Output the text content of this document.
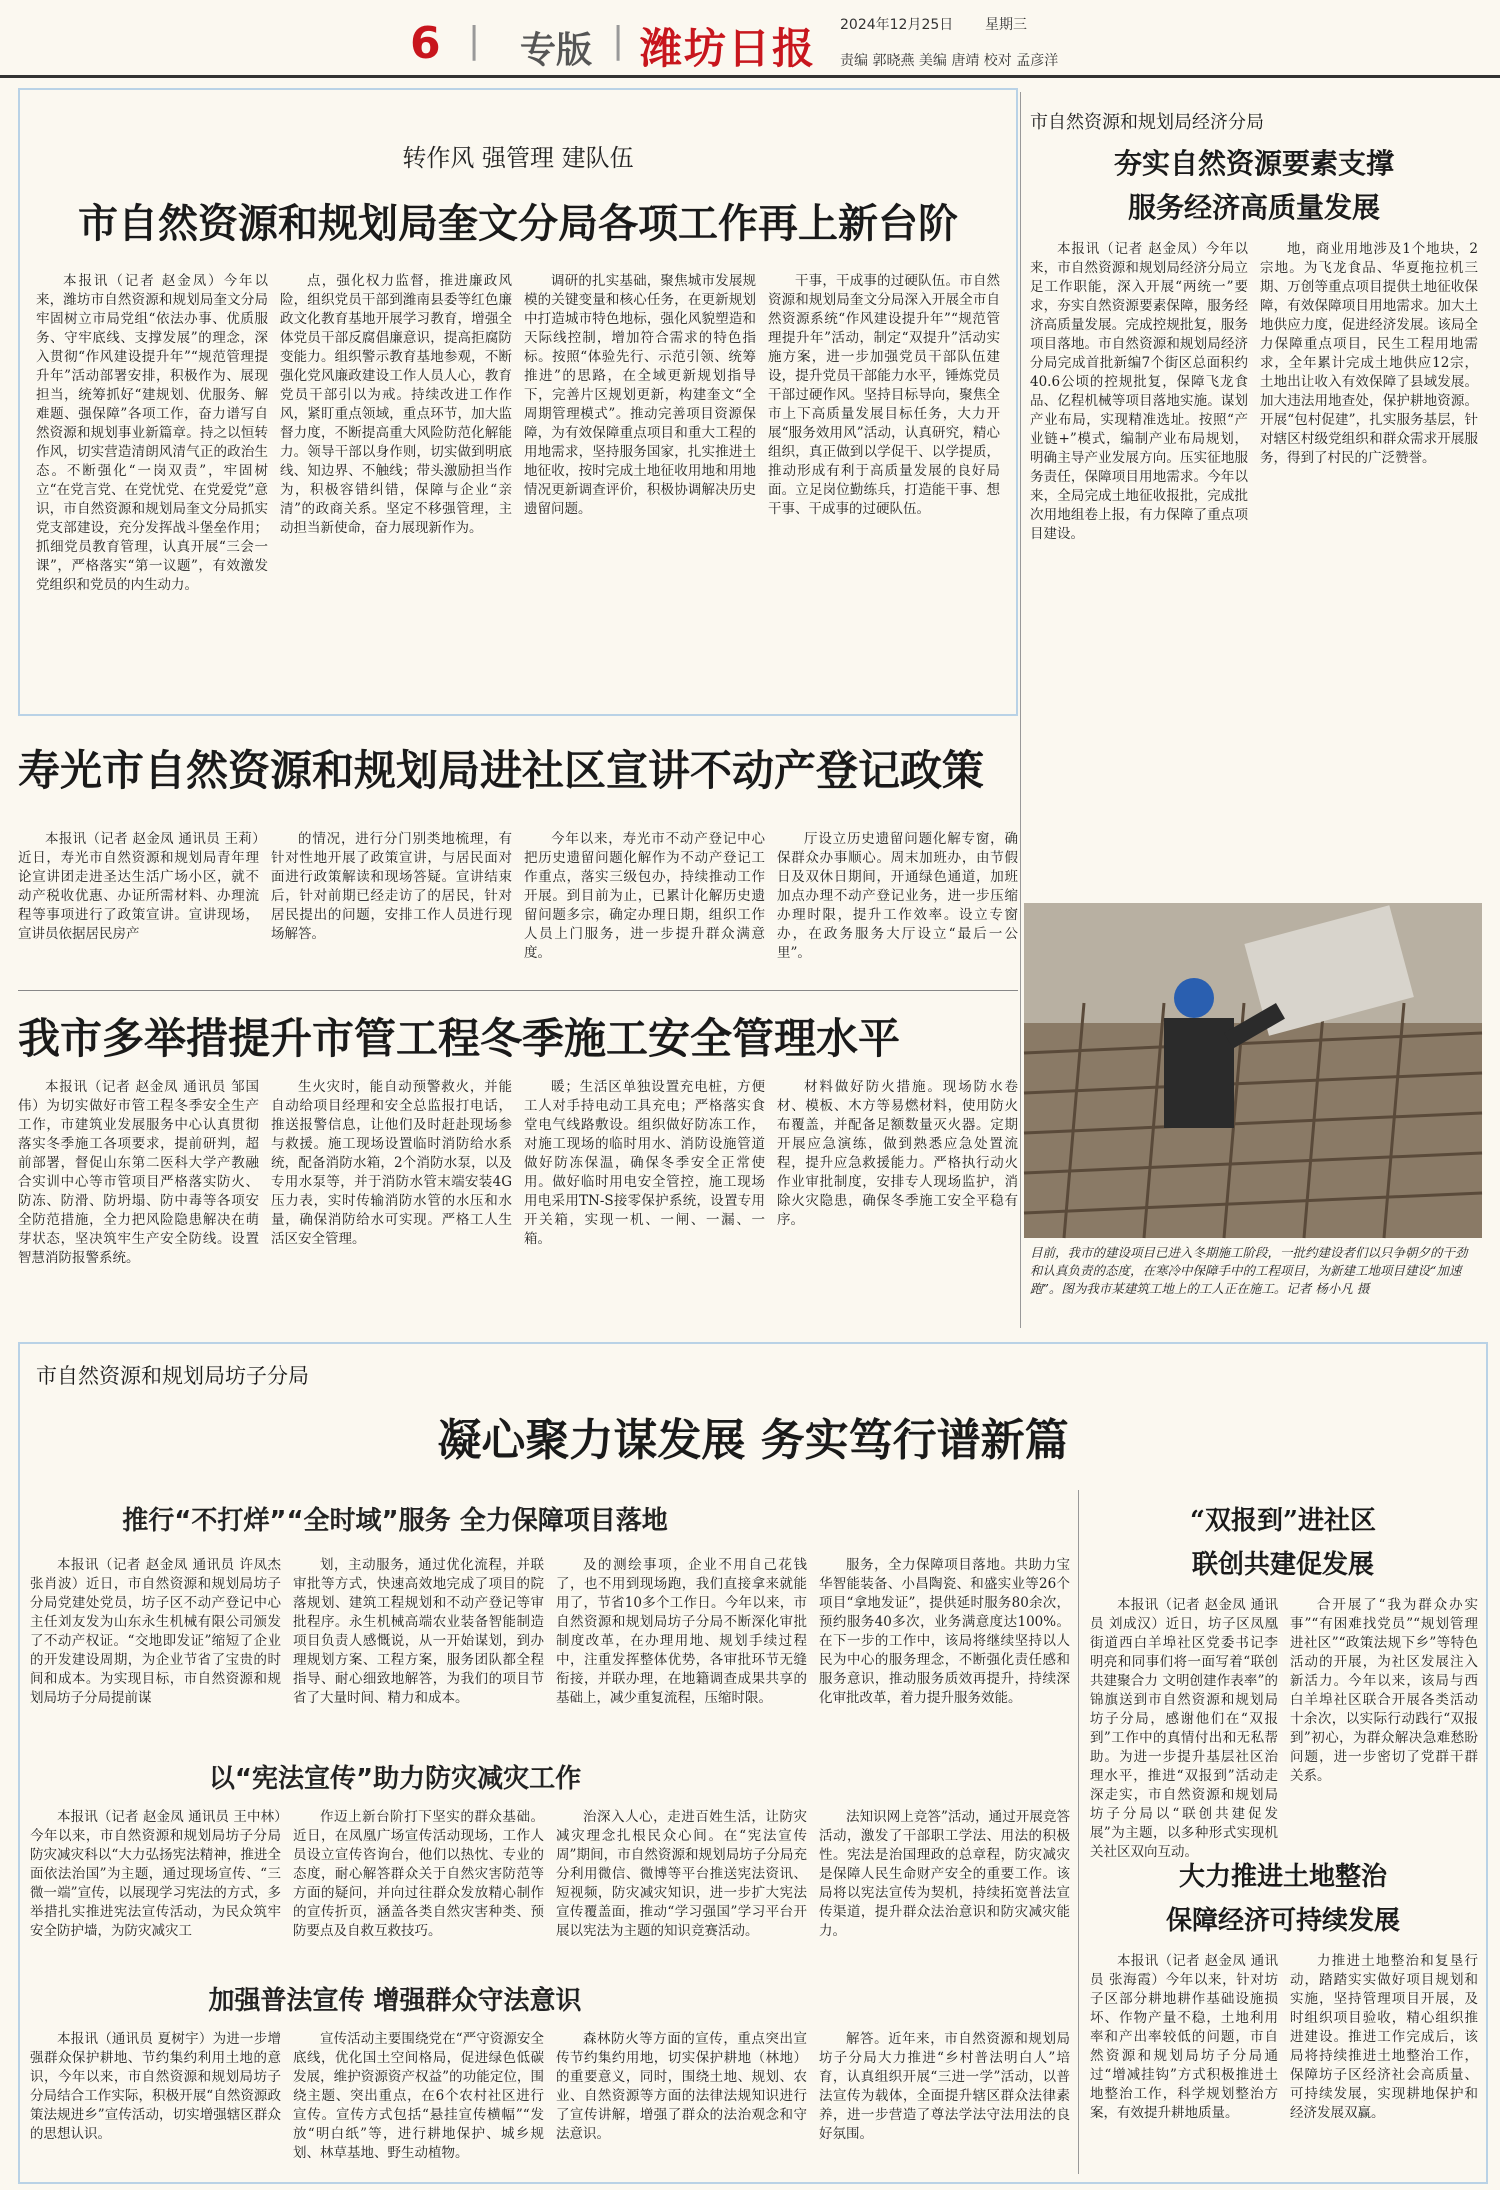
6 | 专版 | 潍坊日报 2024年12月25日 星期三
责编 郭晓燕 美编 唐靖 校对 孟彦洋
转作风 强管理 建队伍
市自然资源和规划局奎文分局各项工作再上新台阶
本报讯（记者 赵金凤）今年以来，潍坊市自然资源和规划局奎文分局牢固树立市局党组“依法办事、优质服务、守牢底线、支撑发展”的理念，深入贯彻“作风建设提升年”“规范管理提升年”活动部署安排，积极作为、展现担当，统筹抓好“建规划、优服务、解难题、强保障”各项工作，奋力谱写自然资源和规划事业新篇章。持之以恒转作风，切实营造清朗风清气正的政治生态。不断强化“一岗双责”，牢固树立“在党言党、在党忧党、在党爱党”意识，市自然资源和规划局奎文分局抓实党支部建设，充分发挥战斗堡垒作用；抓细党员教育管理，认真开展“三会一课”，严格落实“第一议题”，有效激发党组织和党员的内生动力。
点，强化权力监督，推进廉政风险，组织党员干部到潍南县委等红色廉政文化教育基地开展学习教育，增强全体党员干部反腐倡廉意识，提高拒腐防变能力。组织警示教育基地参观，不断强化党风廉政建设工作人员人心，教育党员干部引以为戒。持续改进工作作风，紧盯重点领域，重点环节，加大监督力度，不断提高重大风险防范化解能力。领导干部以身作则，切实做到明底线、知边界、不触线；带头激励担当作为，积极容错纠错，保障与企业“亲清”的政商关系。坚定不移强管理，主动担当新使命，奋力展现新作为。
调研的扎实基础，聚焦城市发展规模的关键变量和核心任务，在更新规划中打造城市特色地标，强化风貌塑造和天际线控制，增加符合需求的特色指标。按照“体验先行、示范引领、统筹推进”的思路，在全域更新规划指导下，完善片区规划更新，构建奎文“全周期管理模式”。推动完善项目资源保障，为有效保障重点项目和重大工程的用地需求，坚持服务国家，扎实推进土地征收，按时完成土地征收用地和用地情况更新调查评价，积极协调解决历史遗留问题。
干事，干成事的过硬队伍。市自然资源和规划局奎文分局深入开展全市自然资源系统“作风建设提升年”“规范管理提升年”活动，制定“双提升”活动实施方案，进一步加强党员干部队伍建设，提升党员干部能力水平，锤炼党员干部过硬作风。坚持目标导向，聚焦全市上下高质量发展目标任务，大力开展“服务效用风”活动，认真研究，精心组织，真正做到以学促干、以学提质，推动形成有利于高质量发展的良好局面。立足岗位勤练兵，打造能干事、想干事、干成事的过硬队伍。
寿光市自然资源和规划局进社区宣讲不动产登记政策
本报讯（记者 赵金凤 通讯员 王莉）近日，寿光市自然资源和规划局青年理论宣讲团走进圣达生活广场小区，就不动产税收优惠、办证所需材料、办理流程等事项进行了政策宣讲。宣讲现场，宣讲员依据居民房产
的情况，进行分门别类地梳理，有针对性地开展了政策宣讲，与居民面对面进行政策解读和现场答疑。宣讲结束后，针对前期已经走访了的居民，针对居民提出的问题，安排工作人员进行现场解答。
今年以来，寿光市不动产登记中心把历史遗留问题化解作为不动产登记工作重点，落实三级包办，持续推动工作开展。到目前为止，已累计化解历史遗留问题多宗，确定办理日期，组织工作人员上门服务，进一步提升群众满意度。
厅设立历史遗留问题化解专窗，确保群众办事顺心。周末加班办，由节假日及双休日期间，开通绿色通道，加班加点办理不动产登记业务，进一步压缩办理时限，提升工作效率。设立专窗办，在政务服务大厅设立“最后一公里”。
我市多举措提升市管工程冬季施工安全管理水平
本报讯（记者 赵金凤 通讯员 邹国伟）为切实做好市管工程冬季安全生产工作，市建筑业发展服务中心认真贯彻落实冬季施工各项要求，提前研判，超前部署，督促山东第二医科大学产教融合实训中心等市管项目严格落实防火、防冻、防滑、防坍塌、防中毒等各项安全防范措施，全力把风险隐患解决在萌芽状态，坚决筑牢生产安全防线。设置智慧消防报警系统。
生火灾时，能自动预警救火，并能自动给项目经理和安全总监报打电话，推送报警信息，让他们及时赶赴现场参与救援。施工现场设置临时消防给水系统，配备消防水箱，2个消防水泵，以及专用水泵等，并于消防水管末端安装4G压力表，实时传输消防水管的水压和水量，确保消防给水可实现。严格工人生活区安全管理。
暖；生活区单独设置充电桩，方便工人对手持电动工具充电；严格落实食堂电气线路敷设。组织做好防冻工作，对施工现场的临时用水、消防设施管道做好防冻保温，确保冬季安全正常使用。做好临时用电安全管控，施工现场用电采用TN-S接零保护系统，设置专用开关箱，实现一机、一闸、一漏、一箱。
材料做好防火措施。现场防水卷材、模板、木方等易燃材料，使用防火布覆盖，并配备足额数量灭火器。定期开展应急演练，做到熟悉应急处置流程，提升应急救援能力。严格执行动火作业审批制度，安排专人现场监护，消除火灾隐患，确保冬季施工安全平稳有序。
市自然资源和规划局经济分局
夯实自然资源要素支撑
服务经济高质量发展
本报讯（记者 赵金凤）今年以来，市自然资源和规划局经济分局立足工作职能，深入开展“两统一”要求，夯实自然资源要素保障，服务经济高质量发展。完成控规批复，服务项目落地。市自然资源和规划局经济分局完成首批新编7个街区总面积约40.6公顷的控规批复，保障飞龙食品、亿程机械等项目落地实施。谋划产业布局，实现精准选址。按照“产业链+”模式，编制产业布局规划，明确主导产业发展方向。压实征地服务责任，保障项目用地需求。今年以来，全局完成土地征收报批，完成批次用地组卷上报，有力保障了重点项目建设。
地，商业用地涉及1个地块，2宗地。为飞龙食品、华夏拖拉机三期、万创等重点项目提供土地征收保障，有效保障项目用地需求。加大土地供应力度，促进经济发展。该局全力保障重点项目，民生工程用地需求，全年累计完成土地供应12宗，土地出让收入有效保障了县域发展。加大违法用地查处，保护耕地资源。开展“包村促建”，扎实服务基层，针对辖区村级党组织和群众需求开展服务，得到了村民的广泛赞誉。
目前，我市的建设项目已进入冬期施工阶段，一批约建设者们以只争朝夕的干劲和认真负责的态度，在寒冷中保障手中的工程项目，为新建工地项目建设“加速跑”。图为我市某建筑工地上的工人正在施工。记者 杨小凡 摄
市自然资源和规划局坊子分局
凝心聚力谋发展 务实笃行谱新篇
推行“不打烊”“全时域”服务 全力保障项目落地
本报讯（记者 赵金凤 通讯员 许凤杰 张肖波）近日，市自然资源和规划局坊子分局党建处党员，坊子区不动产登记中心主任刘友发为山东永生机械有限公司颁发了不动产权证。“交地即发证”缩短了企业的开发建设周期，为企业节省了宝贵的时间和成本。为实现目标，市自然资源和规划局坊子分局提前谋
划，主动服务，通过优化流程，并联审批等方式，快速高效地完成了项目的院落规划、建筑工程规划和不动产登记等审批程序。永生机械高端农业装备智能制造项目负责人感慨说，从一开始谋划，到办理规划方案、工程方案，服务团队都全程指导、耐心细致地解答，为我们的项目节省了大量时间、精力和成本。
及的测绘事项，企业不用自己花钱了，也不用到现场跑，我们直接拿来就能用了，节省10多个工作日。今年以来，市自然资源和规划局坊子分局不断深化审批制度改革，在办理用地、规划手续过程中，注重发挥整体优势，各审批环节无缝衔接，并联办理，在地籍调查成果共享的基础上，减少重复流程，压缩时限。
服务，全力保障项目落地。共助力宝华智能装备、小昌陶瓷、和盛实业等26个项目“拿地发证”，提供延时服务80余次，预约服务40多次，业务满意度达100%。在下一步的工作中，该局将继续坚持以人民为中心的服务理念，不断强化责任感和服务意识，推动服务质效再提升，持续深化审批改革，着力提升服务效能。
以“宪法宣传”助力防灾减灾工作
本报讯（记者 赵金凤 通讯员 王中林）今年以来，市自然资源和规划局坊子分局防灾减灾科以“大力弘扬宪法精神，推进全面依法治国”为主题，通过现场宣传、“三微一端”宣传，以展现学习宪法的方式，多举措扎实推进宪法宣传活动，为民众筑牢安全防护墙，为防灾减灾工
作迈上新台阶打下坚实的群众基础。近日，在凤凰广场宣传活动现场，工作人员设立宣传咨询台，他们以热忱、专业的态度，耐心解答群众关于自然灾害防范等方面的疑问，并向过往群众发放精心制作的宣传折页，涵盖各类自然灾害种类、预防要点及自救互救技巧。
治深入人心，走进百姓生活，让防灾减灾理念扎根民众心间。在“宪法宣传周”期间，市自然资源和规划局坊子分局充分利用微信、微博等平台推送宪法资讯、短视频，防灾减灾知识，进一步扩大宪法宣传覆盖面，推动“学习强国”学习平台开展以宪法为主题的知识竞赛活动。
法知识网上竞答”活动，通过开展竞答活动，激发了干部职工学法、用法的积极性。宪法是治国理政的总章程，防灾减灾是保障人民生命财产安全的重要工作。该局将以宪法宣传为契机，持续拓宽普法宣传渠道，提升群众法治意识和防灾减灾能力。
加强普法宣传 增强群众守法意识
本报讯（通讯员 夏树宇）为进一步增强群众保护耕地、节约集约利用土地的意识，今年以来，市自然资源和规划局坊子分局结合工作实际，积极开展“自然资源政策法规进乡”宣传活动，切实增强辖区群众的思想认识。
宣传活动主要围绕党在“严守资源安全底线，优化国土空间格局，促进绿色低碳发展，维护资源资产权益”的功能定位，围绕主题、突出重点，在6个农村社区进行宣传。宣传方式包括“悬挂宣传横幅”“发放“明白纸”等，进行耕地保护、城乡规划、林草基地、野生动植物。
森林防火等方面的宣传，重点突出宣传节约集约用地，切实保护耕地（林地）的重要意义，同时，围绕土地、规划、农业、自然资源等方面的法律法规知识进行了宣传讲解，增强了群众的法治观念和守法意识。
解答。近年来，市自然资源和规划局坊子分局大力推进“乡村普法明白人”培育，认真组织开展“三进一学”活动，以普法宣传为载体，全面提升辖区群众法律素养，进一步营造了尊法学法守法用法的良好氛围。
“双报到”进社区
联创共建促发展
本报讯（记者 赵金凤 通讯员 刘成汉）近日，坊子区凤凰街道西白羊埠社区党委书记李明亮和同事们将一面写着“联创共建聚合力 文明创建作表率”的锦旗送到市自然资源和规划局坊子分局，感谢他们在“双报到”工作中的真情付出和无私帮助。为进一步提升基层社区治理水平，推进“双报到”活动走深走实，市自然资源和规划局坊子分局以“联创共建促发展”为主题，以多种形式实现机关社区双向互动。
合开展了“我为群众办实事”“有困难找党员”“规划管理进社区”“政策法规下乡”等特色活动的开展，为社区发展注入新活力。今年以来，该局与西白羊埠社区联合开展各类活动十余次，以实际行动践行“双报到”初心，为群众解决急难愁盼问题，进一步密切了党群干群关系。
大力推进土地整治
保障经济可持续发展
本报讯（记者 赵金凤 通讯员 张海霞）今年以来，针对坊子区部分耕地耕作基础设施损坏、作物产量不稳，土地利用率和产出率较低的问题，市自然资源和规划局坊子分局通过“增减挂钩”方式积极推进土地整治工作，科学规划整治方案，有效提升耕地质量。
力推进土地整治和复垦行动，踏踏实实做好项目规划和实施，坚持管理项目开展，及时组织项目验收，精心组织推进建设。推进工作完成后，该局将持续推进土地整治工作，保障坊子区经济社会高质量、可持续发展，实现耕地保护和经济发展双赢。
